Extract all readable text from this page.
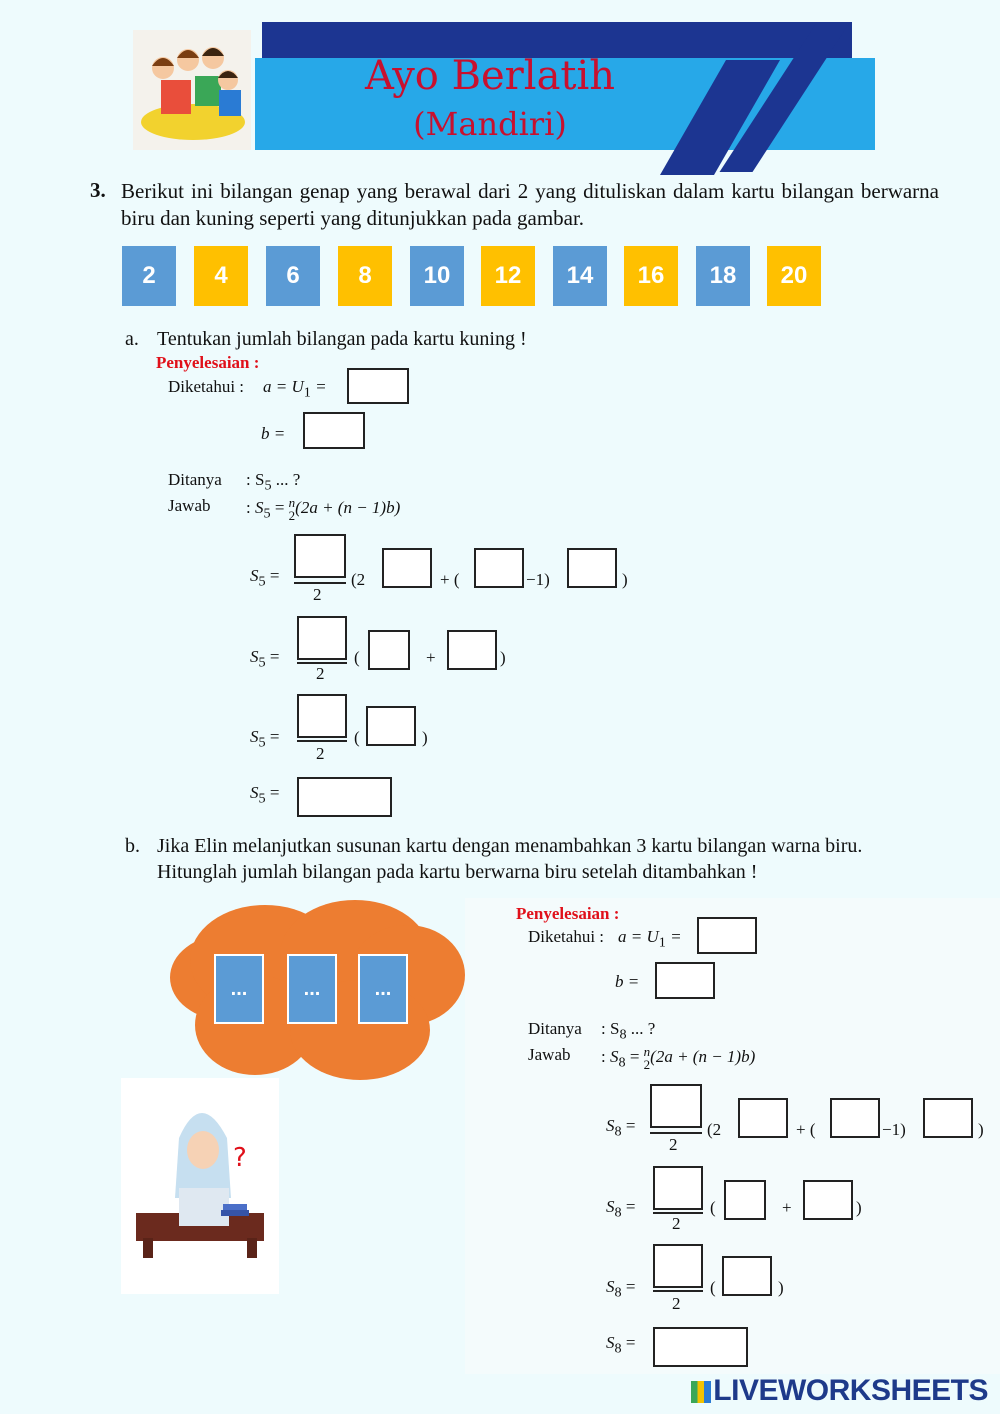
Ayo Berlatih
(Mandiri)
3. Berikut ini bilangan genap yang berawal dari 2 yang dituliskan dalam kartu bilangan berwarna biru dan kuning seperti yang ditunjukkan pada gambar.
2	4	6	8	10	12	14	16	18	20
a. Tentukan jumlah bilangan pada kartu kuning !
Penyelesaian :
Diketahui : $a = U_1$ =
b =
Ditanya : $S_5$ ... ?
Jawab : $S_5 = n$
2(2a + (n − 1)b)
$S_5$ =
2
(2	+ (	−1)	)
$S_5$ =
2
(	+	)
$S_5$ =
2
(	)
$S_5$ =
b. Jika Elin melanjutkan susunan kartu dengan menambahkan 3 kartu bilangan warna biru. Hitunglah jumlah bilangan pada kartu berwarna biru setelah ditambahkan !
...	...	...
?
Penyelesaian :
Diketahui : $a = U_1$ =
b =
Ditanya : $S_8$ ... ?
Jawab : $S_8 = n$
2(2a + (n − 1)b)
$S_8$ =
2
(2	+ (	−1)	)
$S_8$ =
2
(	+	)
$S_8$ =
2
(	)
$S_8$ =
LIVEWORKSHEETS
